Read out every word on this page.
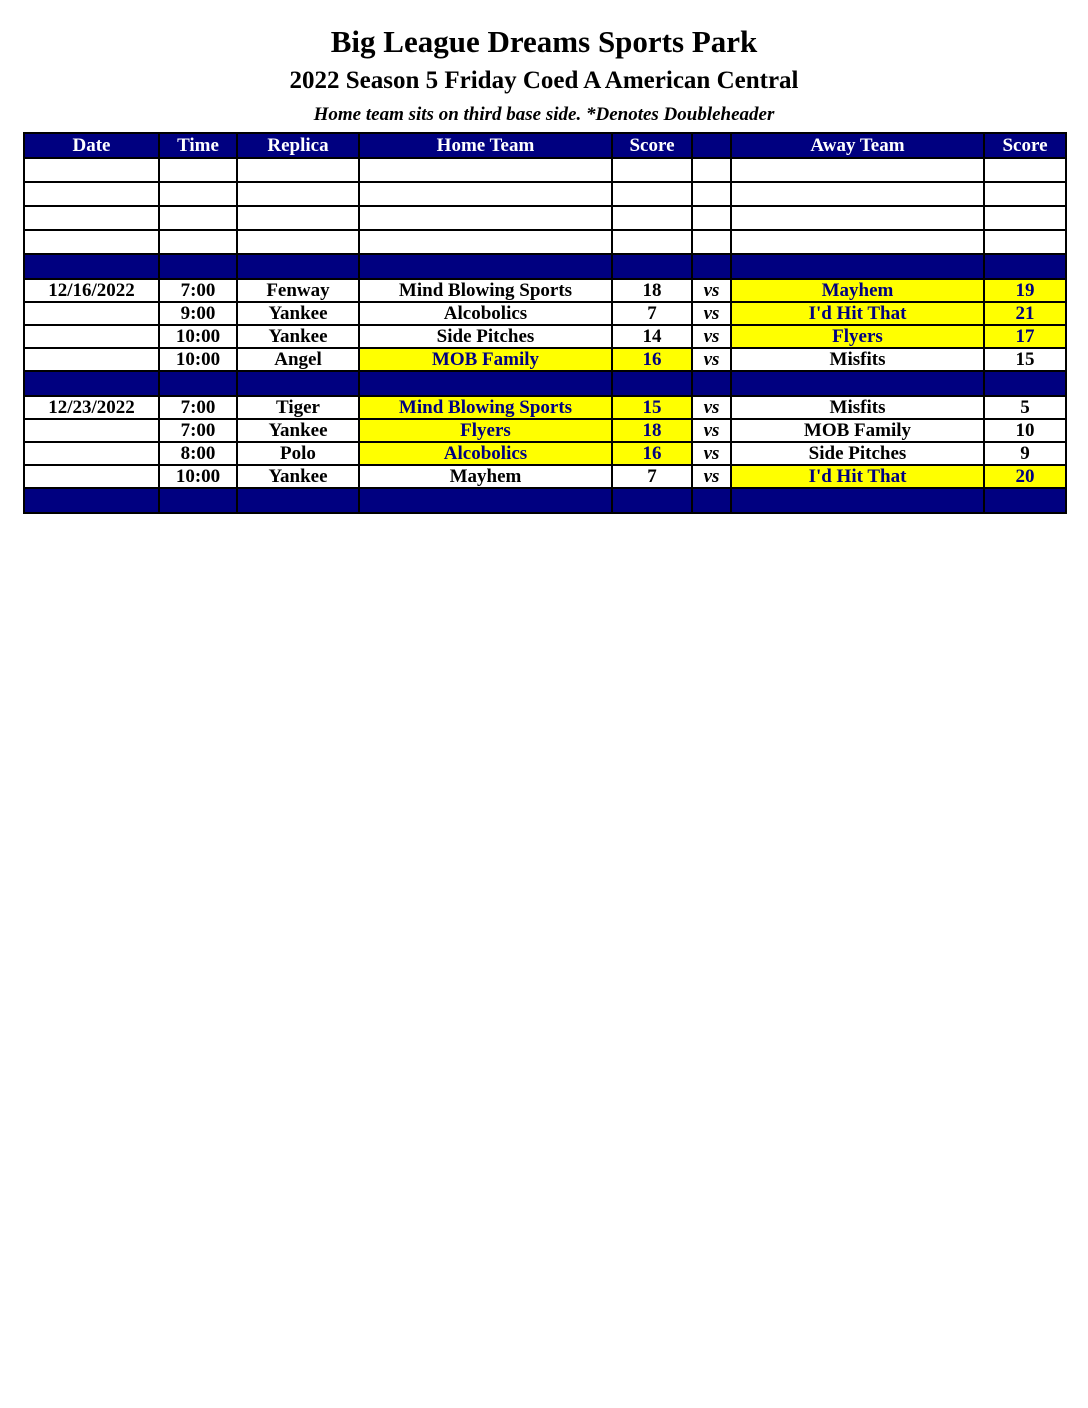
Big League Dreams Sports Park
2022 Season 5 Friday Coed A American Central
Home team sits on third base side. *Denotes Doubleheader
Date	Time	Replica	Home Team	Score		Away Team	Score

12/16/2022	7:00	Fenway	Mind Blowing Sports	18	vs	Mayhem	19
	9:00	Yankee	Alcobolics	7	vs	I'd Hit That	21
	10:00	Yankee	Side Pitches	14	vs	Flyers	17
	10:00	Angel	MOB Family	16	vs	Misfits	15

12/23/2022	7:00	Tiger	Mind Blowing Sports	15	vs	Misfits	5
	7:00	Yankee	Flyers	18	vs	MOB Family	10
	8:00	Polo	Alcobolics	16	vs	Side Pitches	9
	10:00	Yankee	Mayhem	7	vs	I'd Hit That	20
